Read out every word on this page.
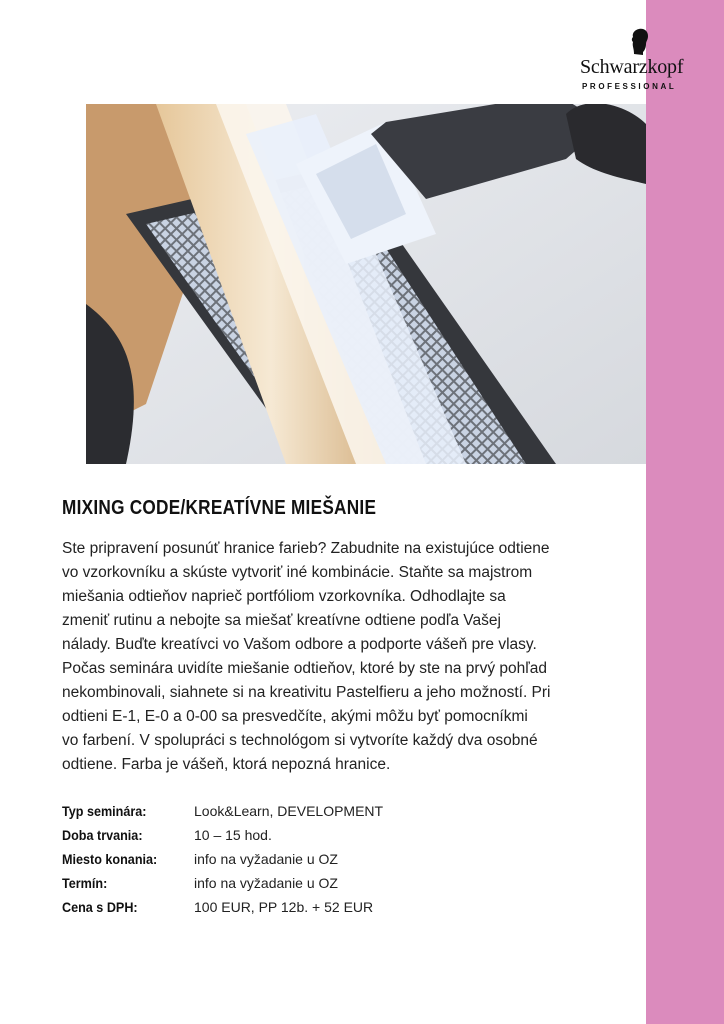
Schwarzkopf
PROFESSIONAL
MIXING CODE/KREATÍVNE MIEŠANIE
Ste pripravení posunúť hranice farieb? Zabudnite na existujúce odtiene
vo vzorkovníku a skúste vytvoriť iné kombinácie. Staňte sa majstrom
miešania odtieňov naprieč portfóliom vzorkovníka. Odhodlajte sa
zmeniť rutinu a nebojte sa miešať kreatívne odtiene podľa Vašej
nálady. Buďte kreatívci vo Vašom odbore a podporte vášeň pre vlasy.
Počas seminára uvidíte miešanie odtieňov, ktoré by ste na prvý pohľad
nekombinovali, siahnete si na kreativitu Pastelfieru a jeho možností. Pri
odtieni E-1, E-0 a 0-00 sa presvedčíte, akými môžu byť pomocníkmi
vo farbení. V spolupráci s technológom si vytvoríte každý dva osobné
odtiene. Farba je vášeň, ktorá nepozná hranice.
Typ seminára:	Look&Learn, DEVELOPMENT
Doba trvania:	10 – 15 hod.
Miesto konania:	info na vyžadanie u OZ
Termín:	info na vyžadanie u OZ
Cena s DPH:	100 EUR, PP 12b. + 52 EUR
